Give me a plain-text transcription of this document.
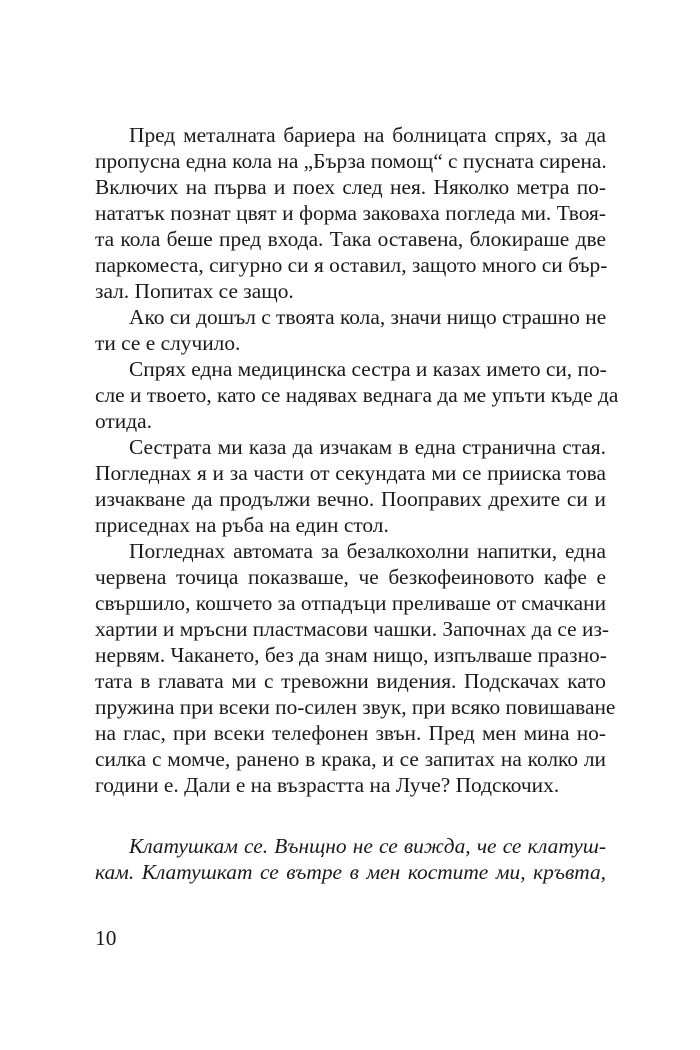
Пред металната бариера на болницата спрях, за да
пропусна една кола на „Бърза помощ“ с пусната сирена.
Включих на първа и поех след нея. Няколко метра по-
нататък познат цвят и форма заковаха погледа ми. Твоя-
та кола беше пред входа. Така оставена, блокираше две
паркоместа, сигурно си я оставил, защото много си бър-
зал. Попитах се защо.
Ако си дошъл с твоята кола, значи нищо страшно не
ти се е случило.
Спрях една медицинска сестра и казах името си, по-
сле и твоето, като се надявах веднага да ме упъти къде да
отида.
Сестрата ми каза да изчакам в една странична стая.
Погледнах я и за части от секундата ми се прииска това
изчакване да продължи вечно. Пооправих дрехите си и
приседнах на ръба на един стол.
Погледнах автомата за безалкохолни напитки, една
червена точица показваше, че безкофеиновото кафе е
свършило, кошчето за отпадъци преливаше от смачкани
хартии и мръсни пластмасови чашки. Започнах да се из-
нервям. Чакането, без да знам нищо, изпълваше празно-
тата в главата ми с тревожни видения. Подскачах като
пружина при всеки по-силен звук, при всяко повишаване
на глас, при всеки телефонен звън. Пред мен мина но-
силка с момче, ранено в крака, и се запитах на колко ли
години е. Дали е на възрастта на Луче? Подскочих.
Клатушкам се. Вънщно не се вижда, че се клатуш-
кам. Клатушкат се вътре в мен костите ми, кръвта,
10
